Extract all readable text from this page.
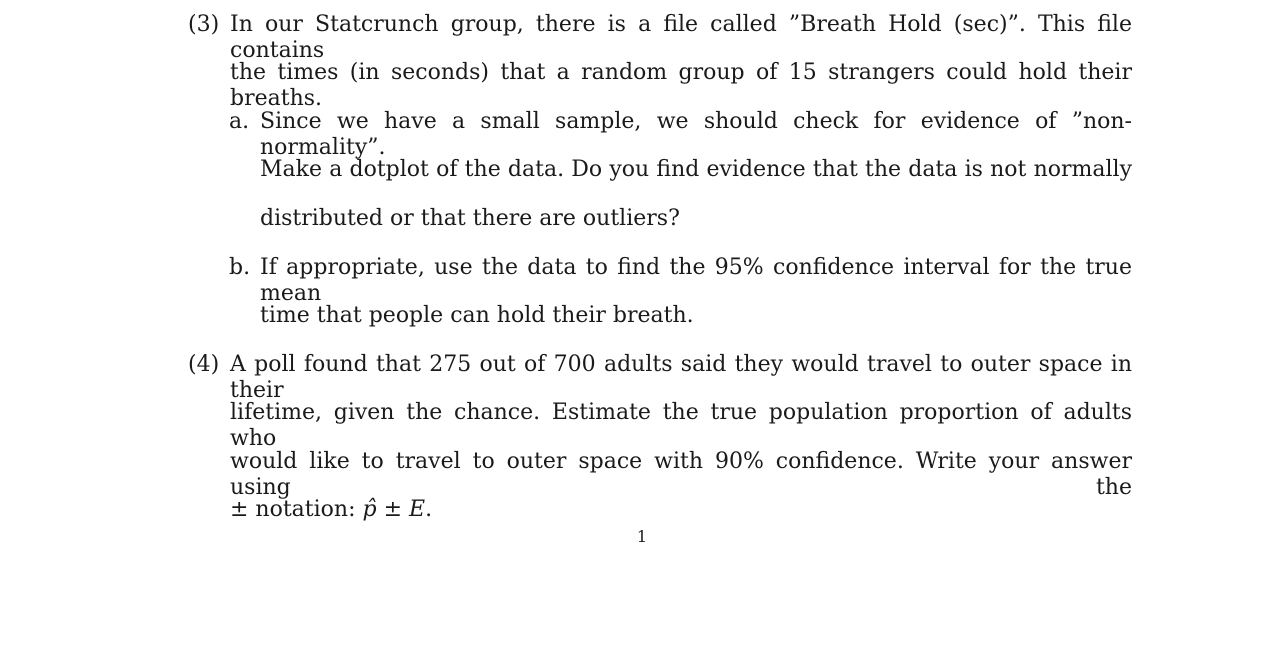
(3) In our Statcrunch group, there is a file called ”Breath Hold (sec)”. This file contains
the times (in seconds) that a random group of 15 strangers could hold their breaths.
a. Since we have a small sample, we should check for evidence of ”non-normality”.
Make a dotplot of the data. Do you find evidence that the data is not normally
distributed or that there are outliers?
b. If appropriate, use the data to find the 95% confidence interval for the true mean
time that people can hold their breath.
(4) A poll found that 275 out of 700 adults said they would travel to outer space in their
lifetime, given the chance. Estimate the true population proportion of adults who
would like to travel to outer space with 90% confidence. Write your answer using the
± notation: p̂ ± E.
1
